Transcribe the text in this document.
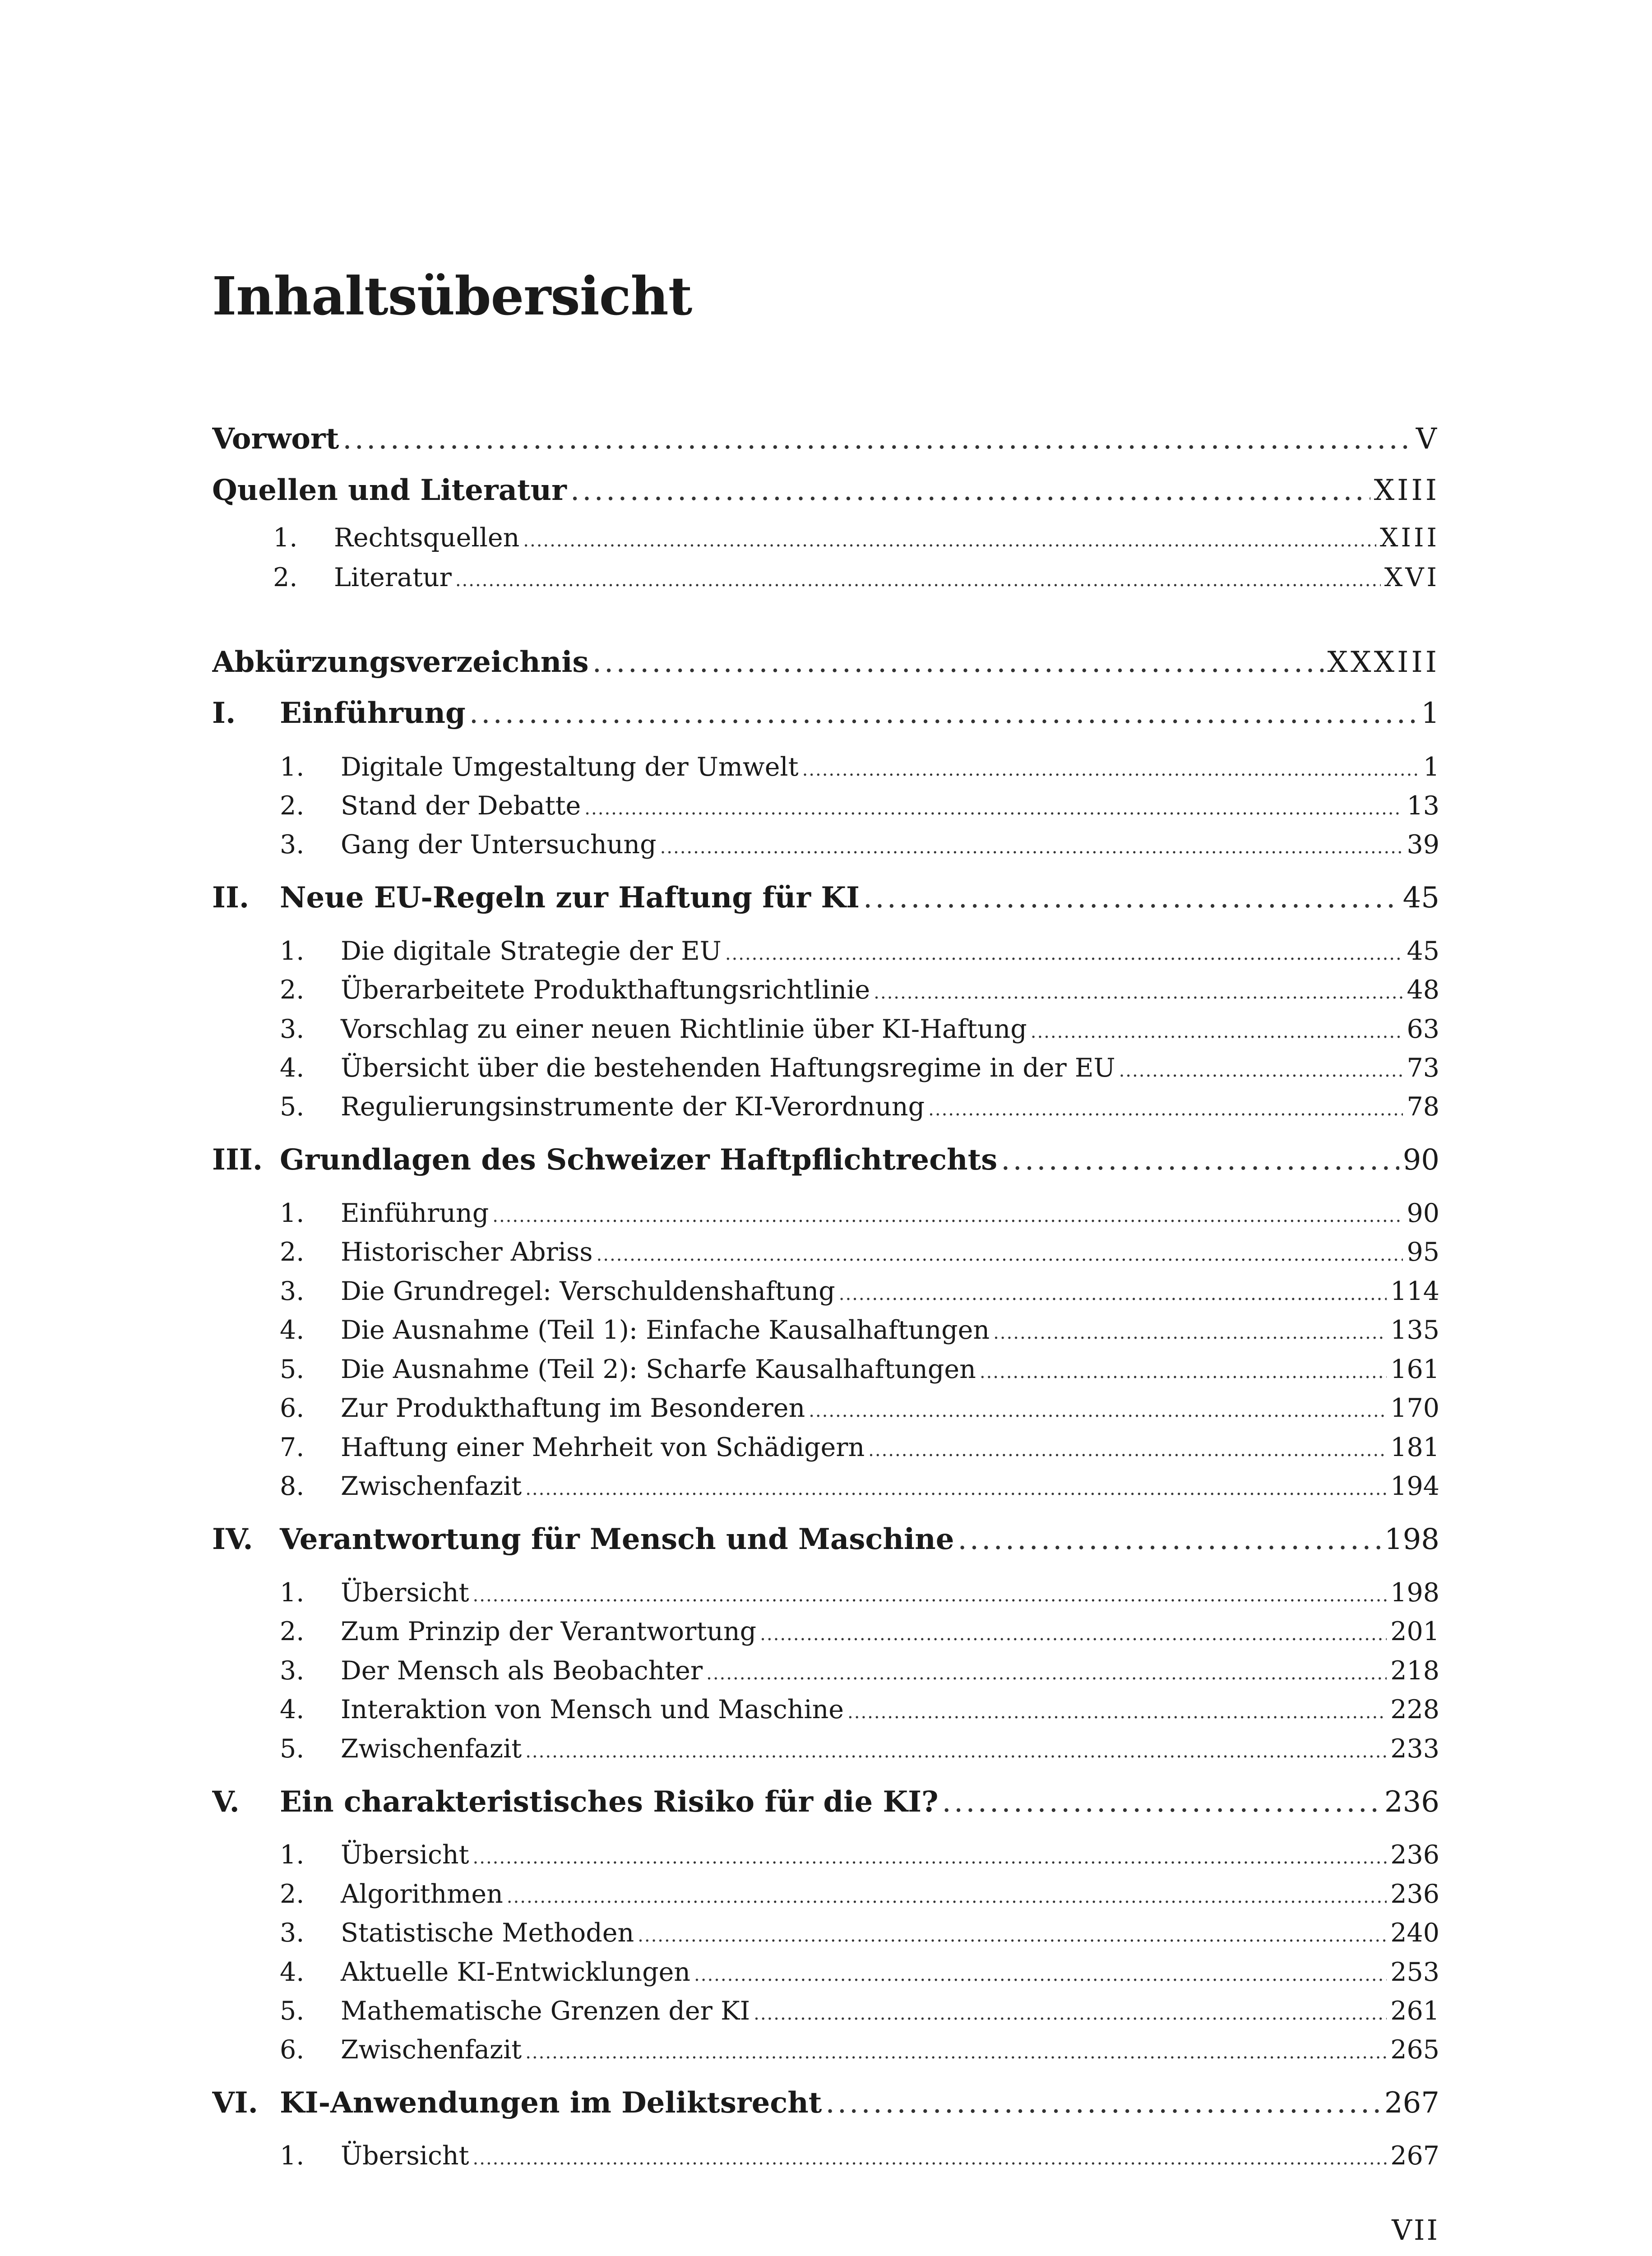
Inhaltsübersicht
Vorwort .....	V
Quellen und Literatur .....	XIII
1.	Rechtsquellen .....	XIII
2.	Literatur .....	XVI
Abkürzungsverzeichnis .....	XXXIII
I.	Einführung .....	1
1.	Digitale Umgestaltung der Umwelt .....	1
2.	Stand der Debatte .....	13
3.	Gang der Untersuchung .....	39
II.	Neue EU-Regeln zur Haftung für KI .....	45
1.	Die digitale Strategie der EU .....	45
2.	Überarbeitete Produkthaftungsrichtlinie .....	48
3.	Vorschlag zu einer neuen Richtlinie über KI-Haftung .....	63
4.	Übersicht über die bestehenden Haftungsregime in der EU .....	73
5.	Regulierungsinstrumente der KI-Verordnung .....	78
III. Grundlagen des Schweizer Haftpflichtrechts .....	90
1.	Einführung .....	90
2.	Historischer Abriss .....	95
3.	Die Grundregel: Verschuldenshaftung .....	114
4.	Die Ausnahme (Teil 1): Einfache Kausalhaftungen .....	135
5.	Die Ausnahme (Teil 2): Scharfe Kausalhaftungen .....	161
6.	Zur Produkthaftung im Besonderen .....	170
7.	Haftung einer Mehrheit von Schädigern .....	181
8.	Zwischenfazit .....	194
IV. Verantwortung für Mensch und Maschine .....	198
1.	Übersicht .....	198
2.	Zum Prinzip der Verantwortung .....	201
3.	Der Mensch als Beobachter .....	218
4.	Interaktion von Mensch und Maschine .....	228
5.	Zwischenfazit .....	233
V.	Ein charakteristisches Risiko für die KI? .....	236
1.	Übersicht .....	236
2.	Algorithmen .....	236
3.	Statistische Methoden .....	240
4.	Aktuelle KI-Entwicklungen .....	253
5.	Mathematische Grenzen der KI .....	261
6.	Zwischenfazit .....	265
VI. KI-Anwendungen im Deliktsrecht .....	267
1.	Übersicht .....	267
VII
